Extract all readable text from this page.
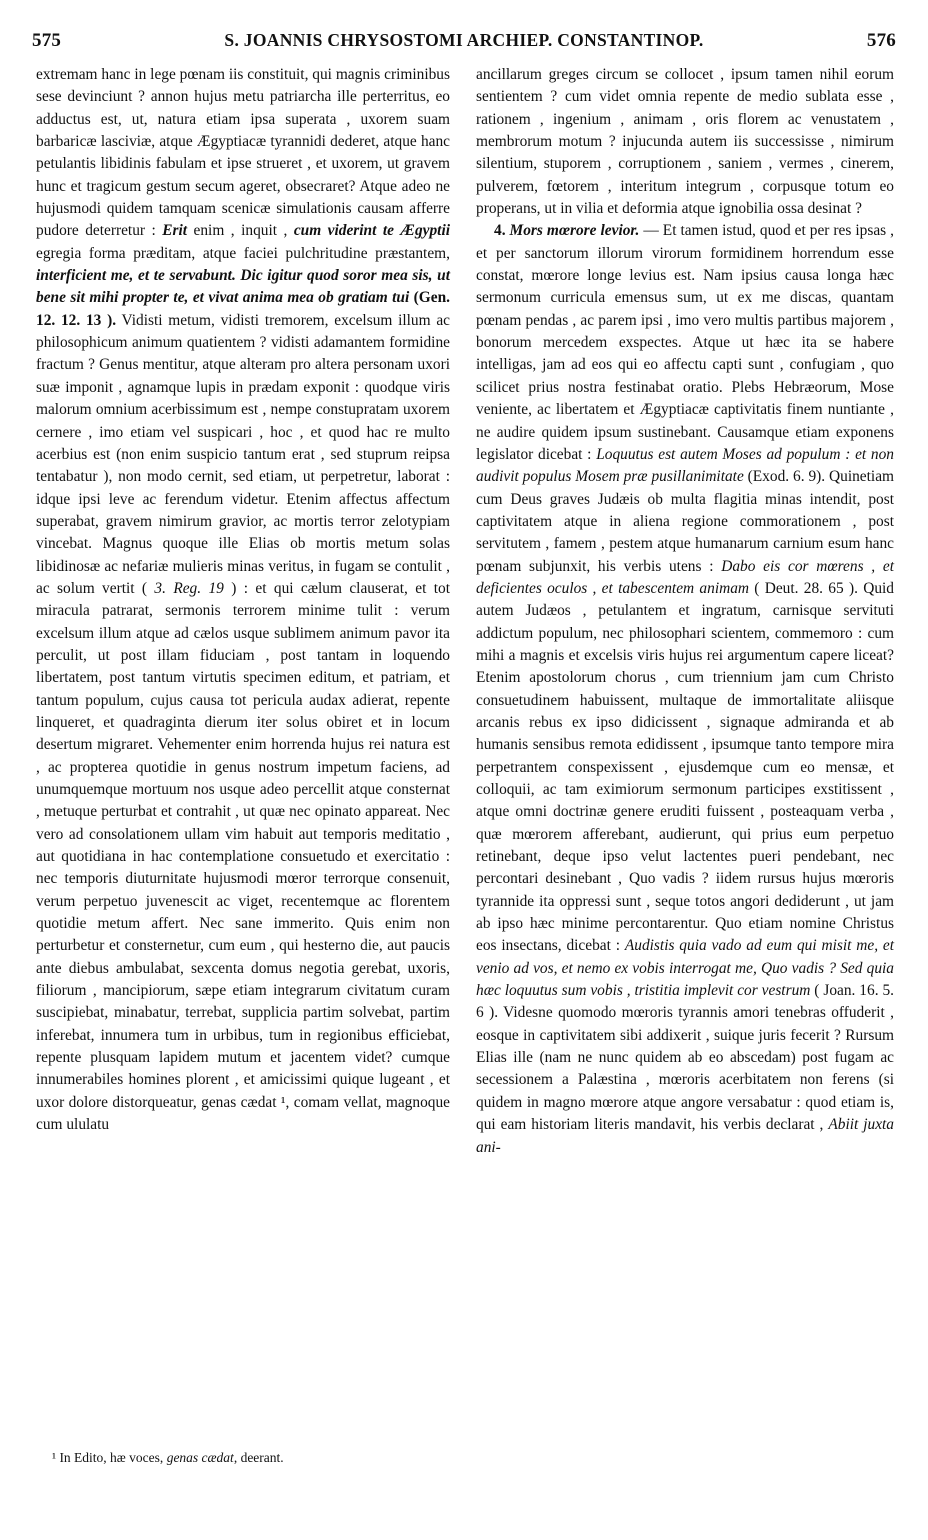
575	S. JOANNIS CHRYSOSTOMI ARCHIEP. CONSTANTINOP.	576

extremam hanc in lege pœnam iis constituit, qui magnis criminibus sese devinciunt ? annon hujus metu patriarcha ille perterritus, eo adductus est, ut, natura etiam ipsa superata , uxorem suam barbaricæ lasciviæ, atque Ægyptiacæ tyrannidi dederet, atque hanc petulantis libidinis fabulam et ipse strueret , et uxorem, ut gravem hunc et tragicum gestum secum ageret, obsecraret? Atque adeo ne hujusmodi quidem tamquam scenicæ simulationis causam afferre pudore deterretur : Erit enim , inquit , cum viderint te Ægyptii egregia forma præditam, atque faciei pulchritudine præstantem, interficient me, et te servabunt. Dic igitur quod soror mea sis, ut bene sit mihi propter te, et vivat anima mea ob gratiam tui (Gen. 12. 12. 13 ). Vidisti metum, vidisti tremorem, excelsum illum ac philosophicum animum quatientem ? vidisti adamantem formidine fractum ? Genus mentitur, atque alteram pro altera personam uxori suæ imponit , agnamque lupis in prædam exponit : quodque viris malorum omnium acerbissimum est , nempe constupratam uxorem cernere , imo etiam vel suspicari , hoc , et quod hac re multo acerbius est (non enim suspicio tantum erat , sed stuprum reipsa tentabatur ), non modo cernit, sed etiam, ut perpetretur, laborat : idque ipsi leve ac ferendum videtur. Etenim affectus affectum superabat, gravem nimirum gravior, ac mortis terror zelotypiam vincebat. Magnus quoque ille Elias ob mortis metum solas libidinosæ ac nefariæ mulieris minas veritus, in fugam se contulit , ac solum vertit ( 3. Reg. 19 ) : et qui cælum clauserat, et tot miracula patrarat, sermonis terrorem minime tulit : verum excelsum illum atque ad cælos usque sublimem animum pavor ita perculit, ut post illam fiduciam , post tantam in loquendo libertatem, post tantum virtutis specimen editum, et patriam, et tantum populum, cujus causa tot pericula audax adierat, repente linqueret, et quadraginta dierum iter solus obiret et in locum desertum migraret. Vehementer enim horrenda hujus rei natura est , ac propterea quotidie in genus nostrum impetum faciens, ad unumquemque mortuum nos usque adeo percellit atque consternat , metuque perturbat et contrahit , ut quæ nec opinato appareat. Nec vero ad consolationem ullam vim habuit aut temporis meditatio , aut quotidiana in hac contemplatione consuetudo et exercitatio : nec temporis diuturnitate hujusmodi mœror terrorque consenuit, verum perpetuo juvenescit ac viget, recentemque ac florentem quotidie metum affert. Nec sane immerito. Quis enim non perturbetur et consternetur, cum eum , qui hesterno die, aut paucis ante diebus ambulabat, sexcenta domus negotia gerebat, uxoris, filiorum , mancipiorum, sæpe etiam integrarum civitatum curam suscipiebat, minabatur, terrebat, supplicia partim solvebat, partim inferebat, innumera tum in urbibus, tum in regionibus efficiebat, repente plusquam lapidem mutum et jacentem videt? cumque innumerabiles homines plorent , et amicissimi quique lugeant , et uxor dolore distorqueatur, genas cædat ¹, comam vellat, magnoque cum ululatu

ancillarum greges circum se collocet , ipsum tamen nihil eorum sentientem ? cum videt omnia repente de medio sublata esse , rationem , ingenium , animam , oris florem ac venustatem , membrorum motum ? injucunda autem iis successisse , nimirum silentium, stuporem , corruptionem , saniem , vermes , cinerem, pulverem, fœtorem , interitum integrum , corpusque totum eo properans, ut in vilia et deformia atque ignobilia ossa desinat ?

4. Mors mœrore levior. — Et tamen istud, quod et per res ipsas , et per sanctorum illorum virorum formidinem horrendum esse constat, mœrore longe levius est. Nam ipsius causa longa hæc sermonum curricula emensus sum, ut ex me discas, quantam pœnam pendas , ac parem ipsi , imo vero multis partibus majorem , bonorum mercedem exspectes. Atque ut hæc ita se habere intelligas, jam ad eos qui eo affectu capti sunt , confugiam , quo scilicet prius nostra festinabat oratio. Plebs Hebræorum, Mose veniente, ac libertatem et Ægyptiacæ captivitatis finem nuntiante , ne audire quidem ipsum sustinebant. Causamque etiam exponens legislator dicebat : Loquutus est autem Moses ad populum : et non audivit populus Mosem præ pusillanimitate (Exod. 6. 9). Quinetiam cum Deus graves Judæis ob multa flagitia minas intendit, post captivitatem atque in aliena regione commorationem , post servitutem , famem , pestem atque humanarum carnium esum hanc pœnam subjunxit, his verbis utens : Dabo eis cor mœrens , et deficientes oculos , et tabescentem animam ( Deut. 28. 65 ). Quid autem Judæos , petulantem et ingratum, carnisque servituti addictum populum, nec philosophari scientem, commemoro : cum mihi a magnis et excelsis viris hujus rei argumentum capere liceat? Etenim apostolorum chorus , cum triennium jam cum Christo consuetudinem habuissent, multaque de immortalitate aliisque arcanis rebus ex ipso didicissent , signaque admiranda et ab humanis sensibus remota edidissent , ipsumque tanto tempore mira perpetrantem conspexissent , ejusdemque cum eo mensæ, et colloquii, ac tam eximiorum sermonum participes exstitissent , atque omni doctrinæ genere eruditi fuissent , posteaquam verba , quæ mœrorem afferebant, audierunt, qui prius eum perpetuo retinebant, deque ipso velut lactentes pueri pendebant, nec percontari desinebant , Quo vadis ? iidem rursus hujus mœroris tyrannide ita oppressi sunt , seque totos angori dediderunt , ut jam ab ipso hæc minime percontarentur. Quo etiam nomine Christus eos insectans, dicebat : Audistis quia vado ad eum qui misit me, et venio ad vos, et nemo ex vobis interrogat me, Quo vadis ? Sed quia hæc loquutus sum vobis , tristitia implevit cor vestrum ( Joan. 16. 5. 6 ). Videsne quomodo mœroris tyrannis amori tenebras offuderit , eosque in captivitatem sibi addixerit , suique juris fecerit ? Rursum Elias ille (nam ne nunc quidem ab eo abscedam) post fugam ac secessionem a Palæstina , mœroris acerbitatem non ferens (si quidem in magno mœrore atque angore versabatur : quod etiam is, qui eam historiam literis mandavit, his verbis declarat , Abiit juxta ani-

¹ In Edito, hæ voces, genas cædat, deerant.
